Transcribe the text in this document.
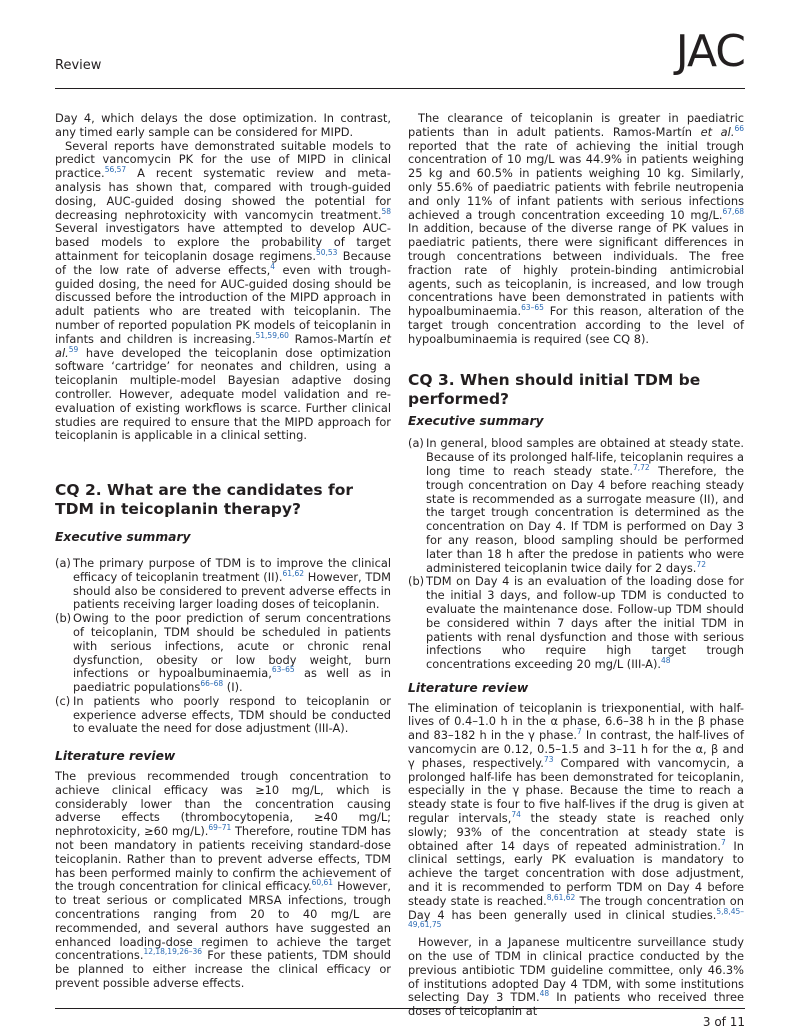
Review	JAC

Day 4, which delays the dose optimization. In contrast, any timed early sample can be considered for MIPD.

Several reports have demonstrated suitable models to predict vancomycin PK for the use of MIPD in clinical practice.$^{56,57}$ A recent systematic review and meta-analysis has shown that, compared with trough-guided dosing, AUC-guided dosing showed the potential for decreasing nephrotoxicity with vancomycin treatment.$^{58}$ Several investigators have attempted to develop AUC-based models to explore the probability of target attainment for teicoplanin dosage regimens.$^{50,53}$ Because of the low rate of adverse effects,$^4$ even with trough-guided dosing, the need for AUC-guided dosing should be discussed before the introduction of the MIPD approach in adult patients who are treated with teicoplanin. The number of reported population PK models of teicoplanin in infants and children is increasing.$^{51,59,60}$ Ramos-Martín et al.$^{59}$ have developed the teicoplanin dose optimization software ‘cartridge’ for neonates and children, using a teicoplanin multiple-model Bayesian adaptive dosing controller. However, adequate model validation and re-evaluation of existing workflows is scarce. Further clinical studies are required to ensure that the MIPD approach for teicoplanin is applicable in a clinical setting.

CQ 2. What are the candidates for TDM in teicoplanin therapy?
Executive summary
(a) The primary purpose of TDM is to improve the clinical efficacy of teicoplanin treatment (II).$^{61,62}$ However, TDM should also be considered to prevent adverse effects in patients receiving larger loading doses of teicoplanin.
(b) Owing to the poor prediction of serum concentrations of teicoplanin, TDM should be scheduled in patients with serious infections, acute or chronic renal dysfunction, obesity or low body weight, burn infections or hypoalbuminaemia,$^{63-65}$ as well as in paediatric populations$^{66-68}$ (I).
(c) In patients who poorly respond to teicoplanin or experience adverse effects, TDM should be conducted to evaluate the need for dose adjustment (III-A).
Literature review

The previous recommended trough concentration to achieve clinical efficacy was ≥10 mg/L, which is considerably lower than the concentration causing adverse effects (thrombocytopenia, ≥40 mg/L; nephrotoxicity, ≥60 mg/L).$^{69-71}$ Therefore, routine TDM has not been mandatory in patients receiving standard-dose teicoplanin. Rather than to prevent adverse effects, TDM has been performed mainly to confirm the achievement of the trough concentration for clinical efficacy.$^{60,61}$ However, to treat serious or complicated MRSA infections, trough concentrations ranging from 20 to 40 mg/L are recommended, and several authors have suggested an enhanced loading-dose regimen to achieve the target concentrations.$^{12,18,19,26-36}$ For these patients, TDM should be planned to either increase the clinical efficacy or prevent possible adverse effects.

The clearance of teicoplanin is greater in paediatric patients than in adult patients. Ramos-Martín et al.$^{66}$ reported that the rate of achieving the initial trough concentration of 10 mg/L was 44.9% in patients weighing 25 kg and 60.5% in patients weighing 10 kg. Similarly, only 55.6% of paediatric patients with febrile neutropenia and only 11% of infant patients with serious infections achieved a trough concentration exceeding 10 mg/L.$^{67,68}$ In addition, because of the diverse range of PK values in paediatric patients, there were significant differences in trough concentrations between individuals. The free fraction rate of highly protein-binding antimicrobial agents, such as teicoplanin, is increased, and low trough concentrations have been demonstrated in patients with hypoalbuminaemia.$^{63-65}$ For this reason, alteration of the target trough concentration according to the level of hypoalbuminaemia is required (see CQ 8).

CQ 3. When should initial TDM be performed?
Executive summary
(a) In general, blood samples are obtained at steady state. Because of its prolonged half-life, teicoplanin requires a long time to reach steady state.$^{7,72}$ Therefore, the trough concentration on Day 4 before reaching steady state is recommended as a surrogate measure (II), and the target trough concentration is determined as the concentration on Day 4. If TDM is performed on Day 3 for any reason, blood sampling should be performed later than 18 h after the predose in patients who were administered teicoplanin twice daily for 2 days.$^{72}$
(b) TDM on Day 4 is an evaluation of the loading dose for the initial 3 days, and follow-up TDM is conducted to evaluate the maintenance dose. Follow-up TDM should be considered within 7 days after the initial TDM in patients with renal dysfunction and those with serious infections who require high target trough concentrations exceeding 20 mg/L (III-A).$^{48}$
Literature review

The elimination of teicoplanin is triexponential, with half-lives of 0.4–1.0 h in the α phase, 6.6–38 h in the β phase and 83–182 h in the γ phase.$^7$ In contrast, the half-lives of vancomycin are 0.12, 0.5–1.5 and 3–11 h for the α, β and γ phases, respectively.$^{73}$ Compared with vancomycin, a prolonged half-life has been demonstrated for teicoplanin, especially in the γ phase. Because the time to reach a steady state is four to five half-lives if the drug is given at regular intervals,$^{74}$ the steady state is reached only slowly; 93% of the concentration at steady state is obtained after 14 days of repeated administration.$^7$ In clinical settings, early PK evaluation is mandatory to achieve the target concentration with dose adjustment, and it is recommended to perform TDM on Day 4 before steady state is reached.$^{8,61,62}$ The trough concentration on Day 4 has been generally used in clinical studies.$^{5,8,45-49,61,75}$

However, in a Japanese multicentre surveillance study on the use of TDM in clinical practice conducted by the previous antibiotic TDM guideline committee, only 46.3% of institutions adopted Day 4 TDM, with some institutions selecting Day 3 TDM.$^{48}$ In patients who received three doses of teicoplanin at

3 of 11
